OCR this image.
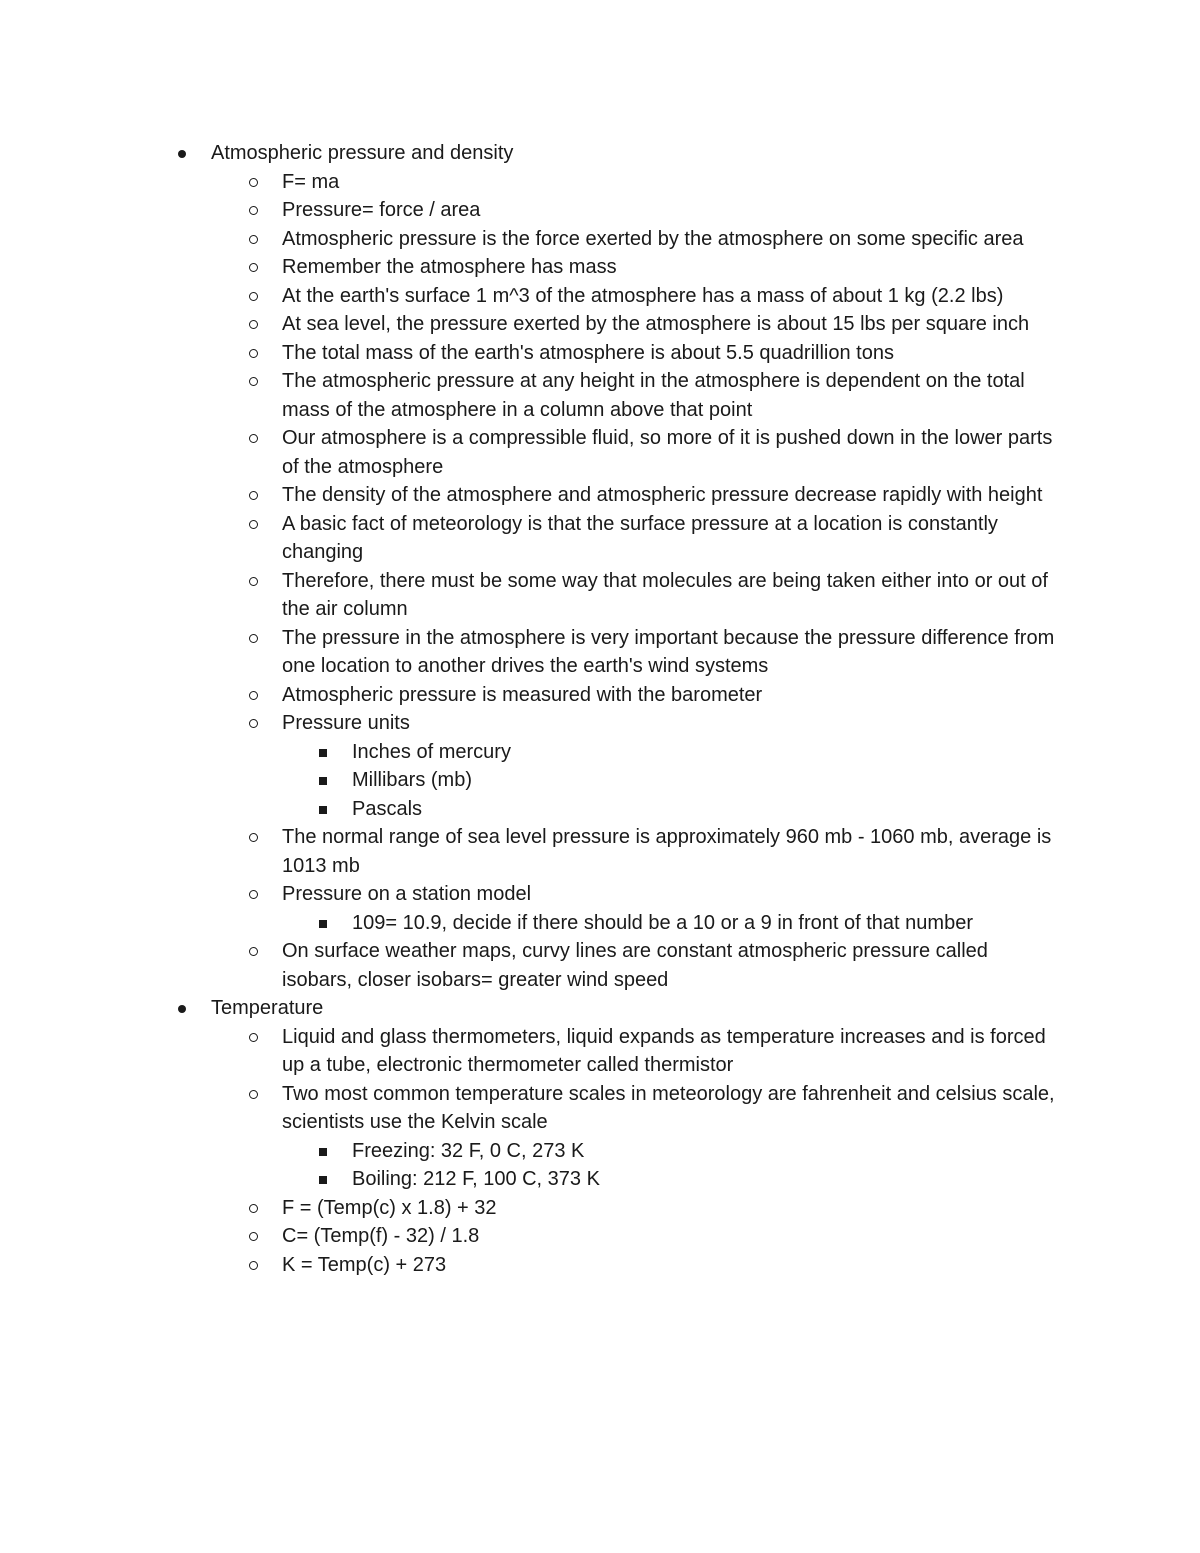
Atmospheric pressure and density
F= ma
Pressure= force / area
Atmospheric pressure is the force exerted by the atmosphere on some specific area
Remember the atmosphere has mass
At the earth's surface 1 m^3 of the atmosphere has a mass of about 1 kg (2.2 lbs)
At sea level, the pressure exerted by the atmosphere is about 15 lbs per square inch
The total mass of the earth's atmosphere is about 5.5 quadrillion tons
The atmospheric pressure at any height in the atmosphere is dependent on the total mass of the atmosphere in a column above that point
Our atmosphere is a compressible fluid, so more of it is pushed down in the lower parts of the atmosphere
The density of the atmosphere and atmospheric pressure decrease rapidly with height
A basic fact of meteorology is that the surface pressure at a location is constantly changing
Therefore, there must be some way that molecules are being taken either into or out of the air column
The pressure in the atmosphere is very important because the pressure difference from one location to another drives the earth's wind systems
Atmospheric pressure is measured with the barometer
Pressure units
Inches of mercury
Millibars (mb)
Pascals
The normal range of sea level pressure is approximately 960 mb - 1060 mb, average is 1013 mb
Pressure on a station model
109= 10.9, decide if there should be a 10 or a 9 in front of that number
On surface weather maps, curvy lines are constant atmospheric pressure called isobars, closer isobars= greater wind speed
Temperature
Liquid and glass thermometers, liquid expands as temperature increases and is forced up a tube, electronic thermometer called thermistor
Two most common temperature scales in meteorology are fahrenheit and celsius scale, scientists use the Kelvin scale
Freezing: 32 F, 0 C, 273 K
Boiling: 212 F, 100 C, 373 K
F = (Temp(c) x 1.8) + 32
C= (Temp(f) - 32) / 1.8
K = Temp(c) + 273
